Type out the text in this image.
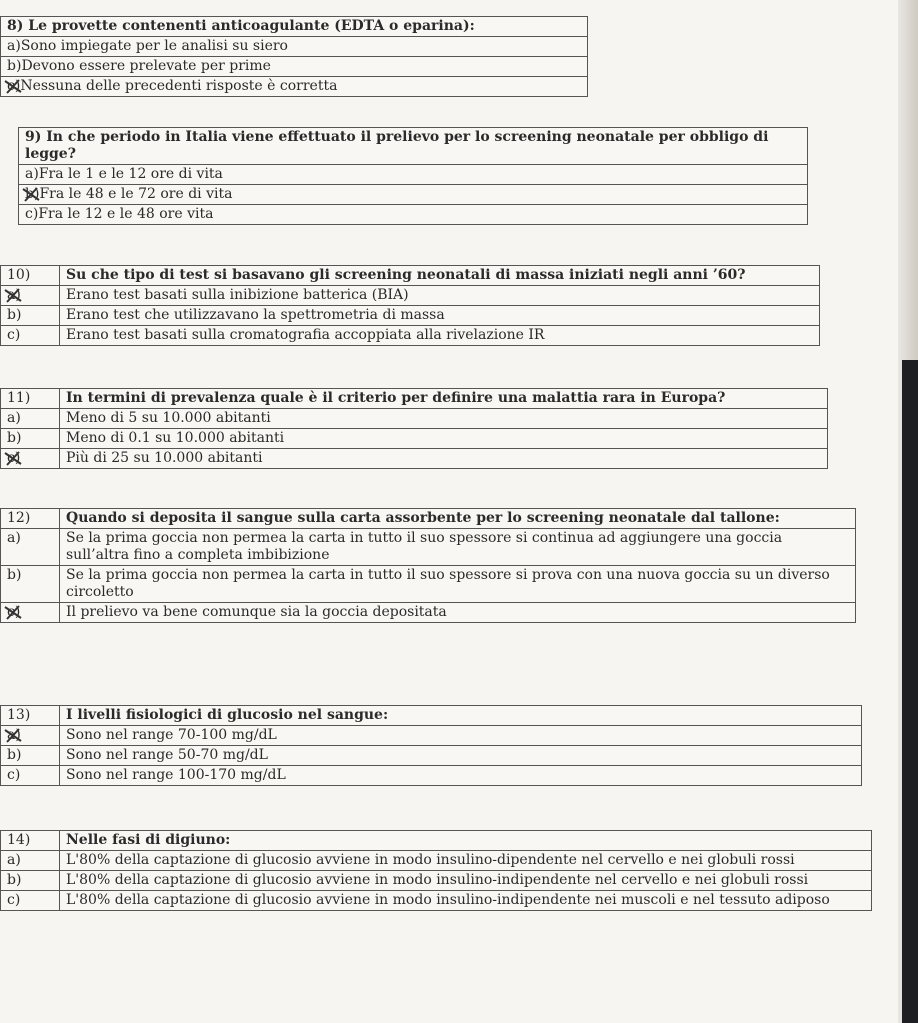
8) Le provette contenenti anticoagulante (EDTA o eparina):
a)Sono impiegate per le analisi su siero
b)Devono essere prelevate per prime

c)Nessuna delle precedenti risposte è corretta
9) In che periodo in Italia viene effettuato il prelievo per lo screening neonatale per obbligo di legge?
a)Fra le 1 e le 12 ore di vita

b)Fra le 48 e le 72 ore di vita
c)Fra le 12 e le 48 ore vita
10)	Su che tipo di test si basavano gli screening neonatali di massa iniziati negli anni ’60?

a)	Erano test basati sulla inibizione batterica (BIA)
b)	Erano test che utilizzavano la spettrometria di massa
c)	Erano test basati sulla cromatografia accoppiata alla rivelazione IR
11)	In termini di prevalenza quale è il criterio per definire una malattia rara in Europa?
a)	Meno di 5 su 10.000 abitanti
b)	Meno di 0.1 su 10.000 abitanti

c)	Più di 25 su 10.000 abitanti
12)	Quando si deposita il sangue sulla carta assorbente per lo screening neonatale dal tallone:
a)	Se la prima goccia non permea la carta in tutto il suo spessore si continua ad aggiungere una goccia sull’altra fino a completa imbibizione
b)	Se la prima goccia non permea la carta in tutto il suo spessore si prova con una nuova goccia su un diverso circoletto

c)	Il prelievo va bene comunque sia la goccia depositata
13)	I livelli fisiologici di glucosio nel sangue:

a)	Sono nel range 70-100 mg/dL
b)	Sono nel range 50-70 mg/dL
c)	Sono nel range 100-170 mg/dL
14)	Nelle fasi di digiuno:
a)	L'80% della captazione di glucosio avviene in modo insulino-dipendente nel cervello e nei globuli rossi
b)	L'80% della captazione di glucosio avviene in modo insulino-indipendente nel cervello e nei globuli rossi
c)	L'80% della captazione di glucosio avviene in modo insulino-indipendente nei muscoli e nel tessuto adiposo
